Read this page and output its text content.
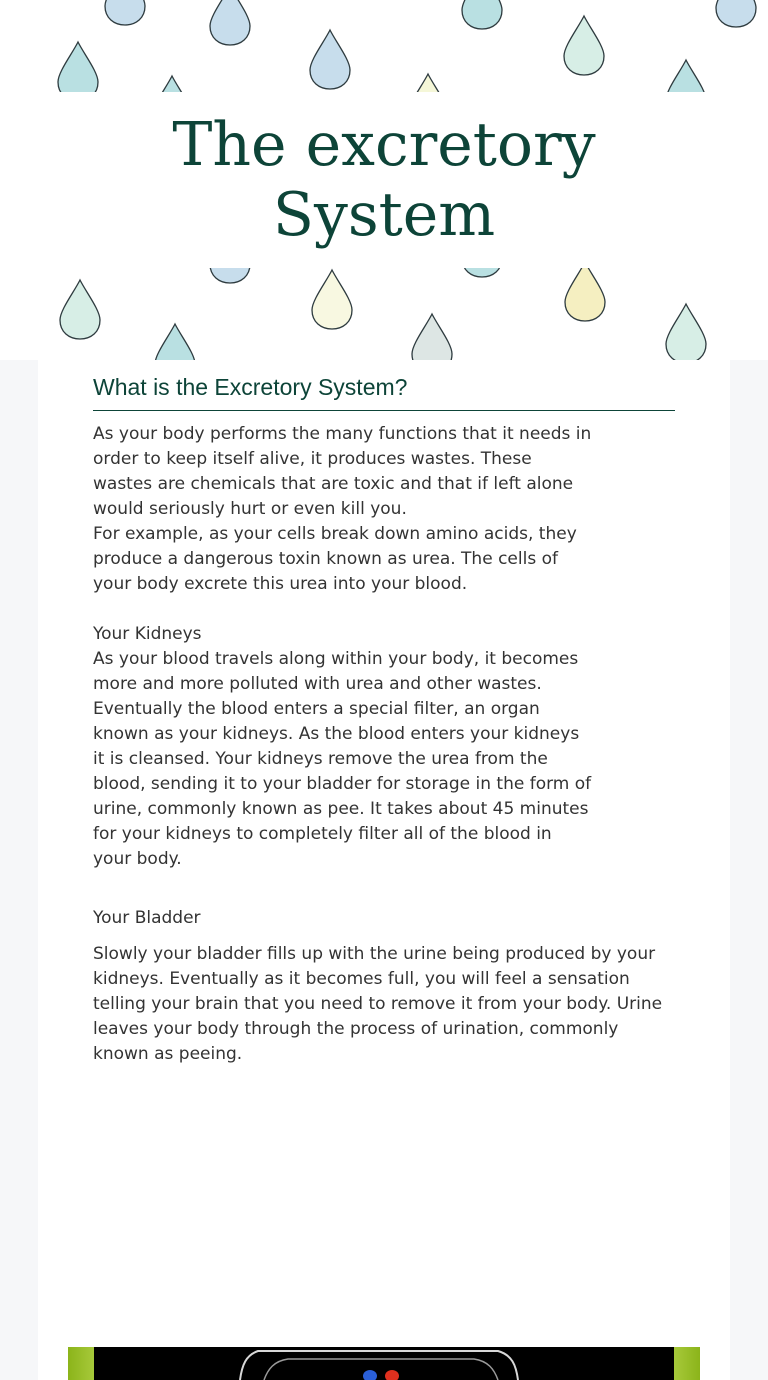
The excretory System
What is the Excretory System?

As your body performs the many functions that it needs in order to keep itself alive, it produces wastes. These wastes are chemicals that are toxic and that if left alone would seriously hurt or even kill you.

For example, as your cells break down amino acids, they produce a dangerous toxin known as urea. The cells of your body excrete this urea into your blood.

Your Kidneys

As your blood travels along within your body, it becomes more and more polluted with urea and other wastes. Eventually the blood enters a special filter, an organ known as your kidneys. As the blood enters your kidneys it is cleansed. Your kidneys remove the urea from the blood, sending it to your bladder for storage in the form of urine, commonly known as pee. It takes about 45 minutes for your kidneys to completely filter all of the blood in your body.

Your Bladder
Slowly your bladder fills up with the urine being produced by your kidneys. Eventually as it becomes full, you will feel a sensation telling your brain that you need to remove it from your body. Urine leaves your body through the process of urination, commonly known as peeing.
